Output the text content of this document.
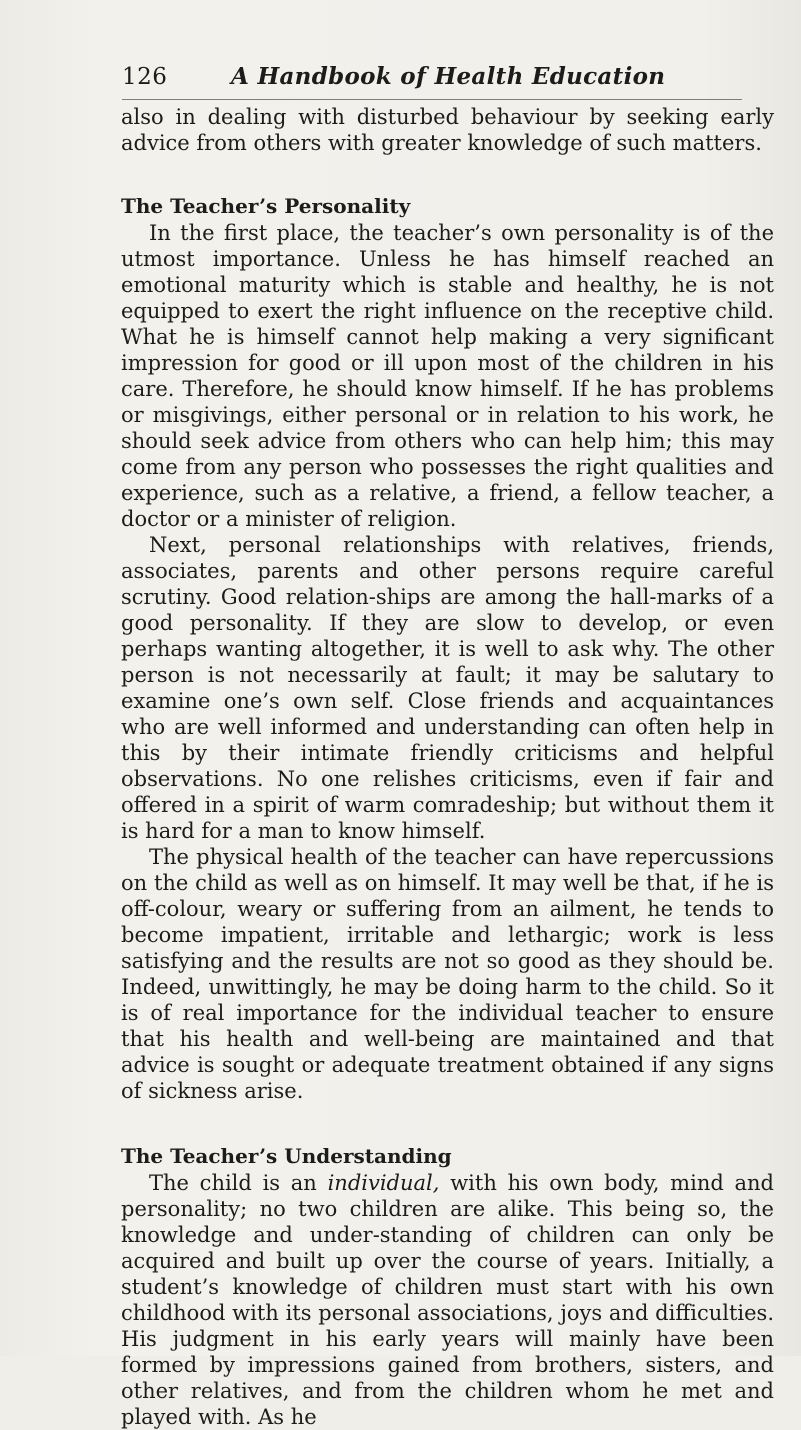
126	A Handbook of Health Education

also in dealing with disturbed behaviour by seeking early advice from others with greater knowledge of such matters.

The Teacher’s Personality

In the first place, the teacher’s own personality is of the utmost importance. Unless he has himself reached an emotional maturity which is stable and healthy, he is not equipped to exert the right influence on the receptive child. What he is himself cannot help making a very significant impression for good or ill upon most of the children in his care. Therefore, he should know himself. If he has problems or misgivings, either personal or in relation to his work, he should seek advice from others who can help him; this may come from any person who possesses the right qualities and experience, such as a relative, a friend, a fellow teacher, a doctor or a minister of religion.

Next, personal relationships with relatives, friends, associates, parents and other persons require careful scrutiny. Good relation-ships are among the hall-marks of a good personality. If they are slow to develop, or even perhaps wanting altogether, it is well to ask why. The other person is not necessarily at fault; it may be salutary to examine one’s own self. Close friends and acquaintances who are well informed and understanding can often help in this by their intimate friendly criticisms and helpful observations. No one relishes criticisms, even if fair and offered in a spirit of warm comradeship; but without them it is hard for a man to know himself.

The physical health of the teacher can have repercussions on the child as well as on himself. It may well be that, if he is off-colour, weary or suffering from an ailment, he tends to become impatient, irritable and lethargic; work is less satisfying and the results are not so good as they should be. Indeed, unwittingly, he may be doing harm to the child. So it is of real importance for the individual teacher to ensure that his health and well-being are maintained and that advice is sought or adequate treatment obtained if any signs of sickness arise.

The Teacher’s Understanding

The child is an individual, with his own body, mind and personality; no two children are alike. This being so, the knowledge and under-standing of children can only be acquired and built up over the course of years. Initially, a student’s knowledge of children must start with his own childhood with its personal associations, joys and difficulties. His judgment in his early years will mainly have been formed by impressions gained from brothers, sisters, and other relatives, and from the children whom he met and played with. As he
